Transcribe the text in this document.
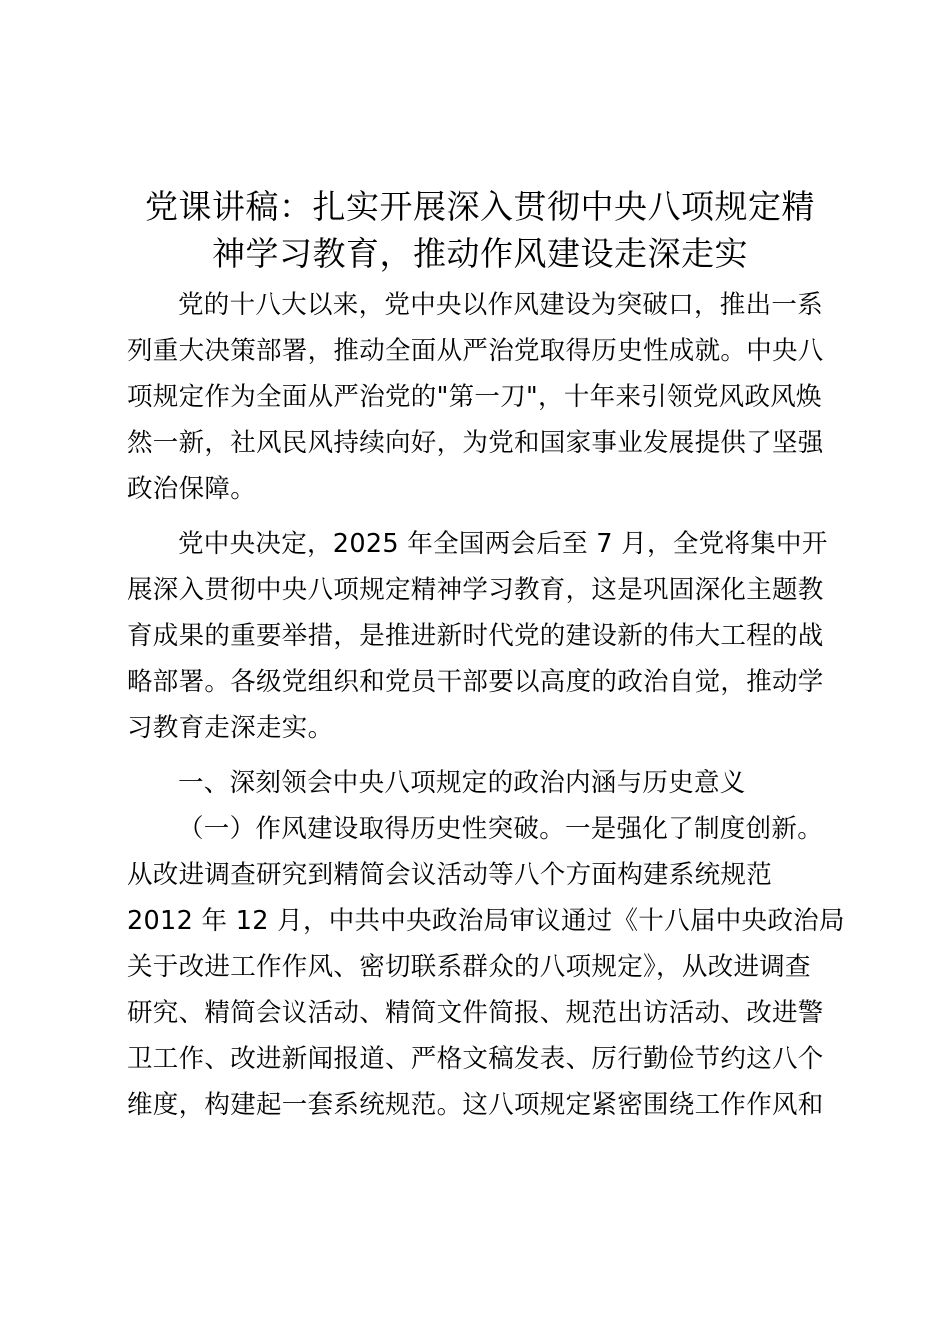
党课讲稿：扎实开展深入贯彻中央八项规定精
神学习教育，推动作风建设走深走实

党的十八大以来，党中央以作风建设为突破口，推出一系
列重大决策部署，推动全面从严治党取得历史性成就。中央八
项规定作为全面从严治党的"第一刀"，十年来引领党风政风焕
然一新，社风民风持续向好，为党和国家事业发展提供了坚强
政治保障。

党中央决定，2025 年全国两会后至 7 月，全党将集中开
展深入贯彻中央八项规定精神学习教育，这是巩固深化主题教
育成果的重要举措，是推进新时代党的建设新的伟大工程的战
略部署。各级党组织和党员干部要以高度的政治自觉，推动学
习教育走深走实。

一、深刻领会中央八项规定的政治内涵与历史意义

（一）作风建设取得历史性突破。一是强化了制度创新。
从改进调查研究到精简会议活动等八个方面构建系统规范
2012 年 12 月，中共中央政治局审议通过《十八届中央政治局
关于改进工作作风、密切联系群众的八项规定》，从改进调查
研究、精简会议活动、精简文件简报、规范出访活动、改进警
卫工作、改进新闻报道、严格文稿发表、厉行勤俭节约这八个
维度，构建起一套系统规范。这八项规定紧密围绕工作作风和
